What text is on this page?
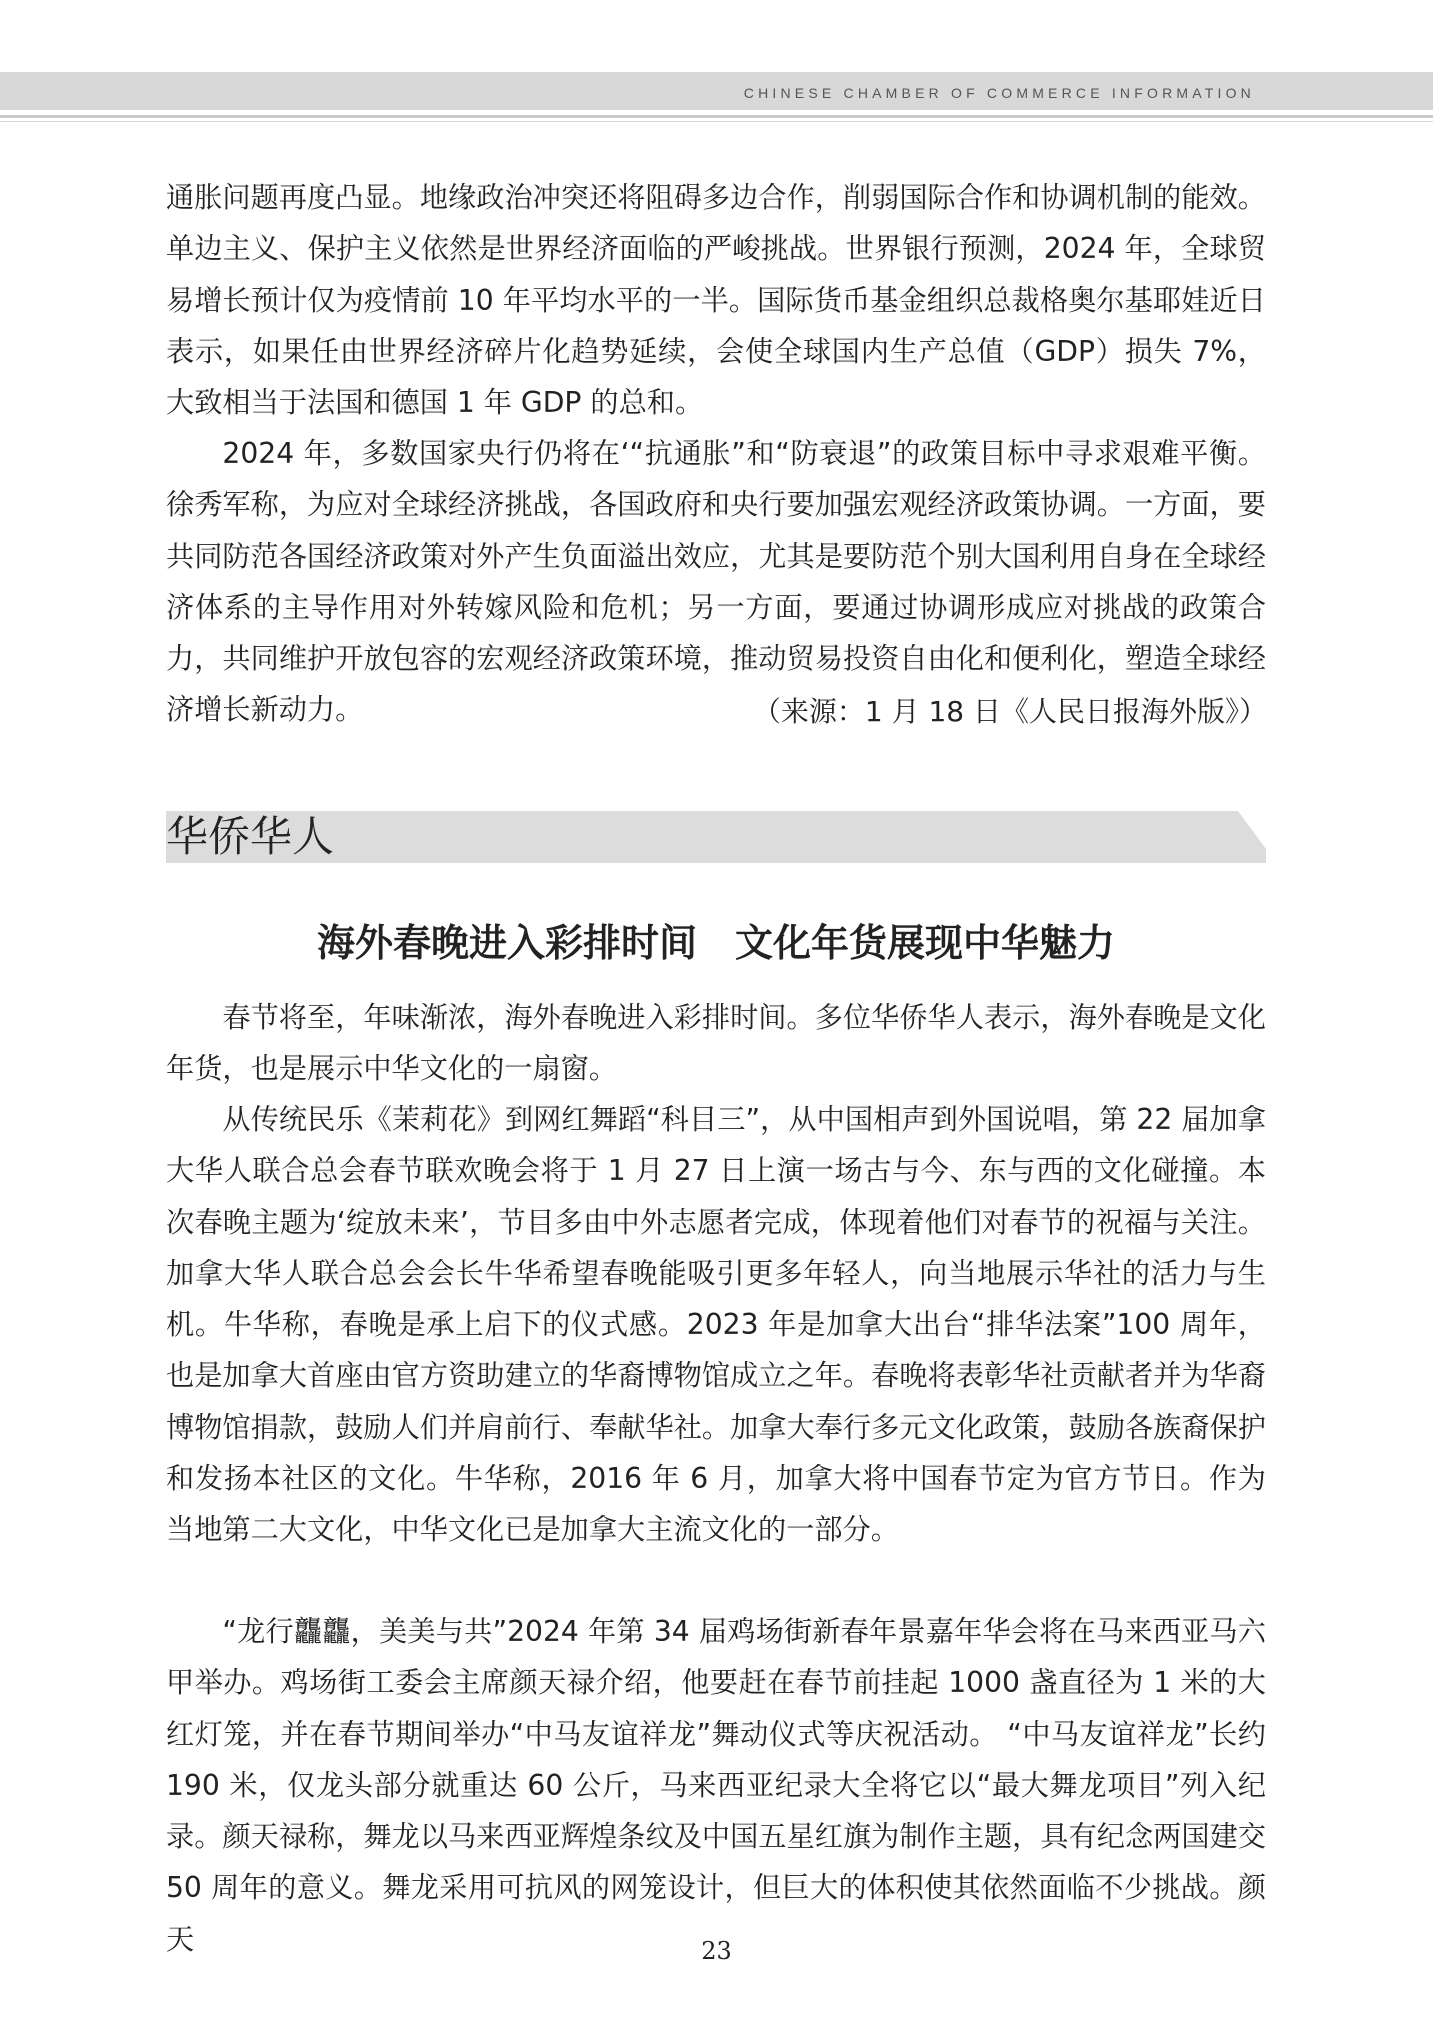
CHINESE CHAMBER OF COMMERCE INFORMATION

通胀问题再度凸显。地缘政治冲突还将阻碍多边合作，削弱国际合作和协调机制的能效。单边主义、保护主义依然是世界经济面临的严峻挑战。世界银行预测，2024 年，全球贸易增长预计仅为疫情前 10 年平均水平的一半。国际货币基金组织总裁格奥尔基耶娃近日表示，如果任由世界经济碎片化趋势延续，会使全球国内生产总值（GDP）损失 7%，大致相当于法国和德国 1 年 GDP 的总和。

2024 年，多数国家央行仍将在‘“抗通胀”和“防衰退”的政策目标中寻求艰难平衡。徐秀军称，为应对全球经济挑战，各国政府和央行要加强宏观经济政策协调。一方面，要共同防范各国经济政策对外产生负面溢出效应，尤其是要防范个别大国利用自身在全球经济体系的主导作用对外转嫁风险和危机；另一方面，要通过协调形成应对挑战的政策合力，共同维护开放包容的宏观经济政策环境，推动贸易投资自由化和便利化，塑造全球经济增长新动力。	（来源：1 月 18 日《人民日报海外版》）
华侨华人
海外春晚进入彩排时间　文化年货展现中华魅力

春节将至，年味渐浓，海外春晚进入彩排时间。多位华侨华人表示，海外春晚是文化年货，也是展示中华文化的一扇窗。

从传统民乐《茉莉花》到网红舞蹈“科目三”，从中国相声到外国说唱，第 22 届加拿大华人联合总会春节联欢晚会将于 1 月 27 日上演一场古与今、东与西的文化碰撞。本次春晚主题为‘绽放未来’，节目多由中外志愿者完成，体现着他们对春节的祝福与关注。加拿大华人联合总会会长牛华希望春晚能吸引更多年轻人，向当地展示华社的活力与生机。牛华称，春晚是承上启下的仪式感。2023 年是加拿大出台“排华法案”100 周年，也是加拿大首座由官方资助建立的华裔博物馆成立之年。春晚将表彰华社贡献者并为华裔博物馆捐款，鼓励人们并肩前行、奉献华社。加拿大奉行多元文化政策，鼓励各族裔保护和发扬本社区的文化。牛华称，2016 年 6 月，加拿大将中国春节定为官方节日。作为当地第二大文化，中华文化已是加拿大主流文化的一部分。

“龙行龘龘，美美与共”2024 年第 34 届鸡场街新春年景嘉年华会将在马来西亚马六甲举办。鸡场街工委会主席颜天禄介绍，他要赶在春节前挂起 1000 盏直径为 1 米的大红灯笼，并在春节期间举办“中马友谊祥龙”舞动仪式等庆祝活动。 “中马友谊祥龙”长约 190 米，仅龙头部分就重达 60 公斤，马来西亚纪录大全将它以“最大舞龙项目”列入纪录。颜天禄称，舞龙以马来西亚辉煌条纹及中国五星红旗为制作主题，具有纪念两国建交 50 周年的意义。舞龙采用可抗风的网笼设计，但巨大的体积使其依然面临不少挑战。颜天	23
